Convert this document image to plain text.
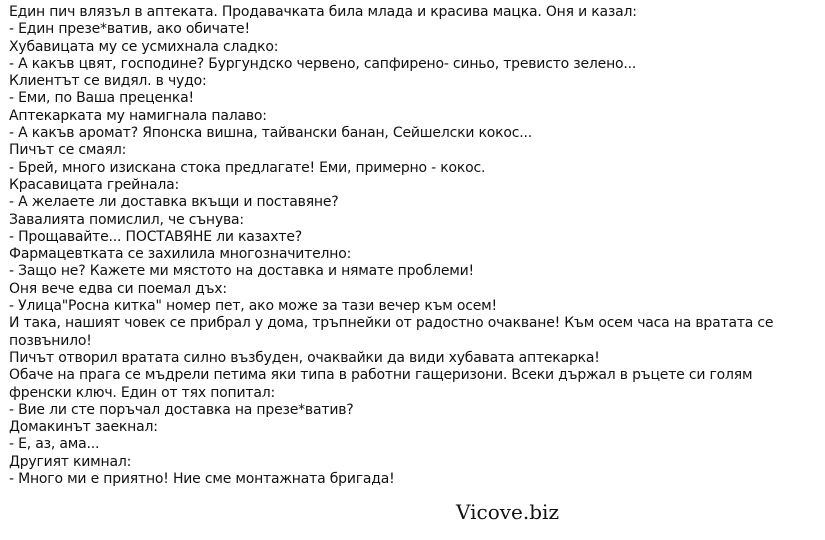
Един пич влязъл в аптеката. Продавачката била млада и красива мацка. Оня и казал:
- Един презе*ватив, ако обичате!
Хубавицата му се усмихнала сладко:
- А какъв цвят, господине? Бургундско червено, сапфирено- синьо, тревисто зелено...
Клиентът се видял. в чудо:
- Еми, по Ваша преценка!
Аптекарката му намигнала палаво:
- А какъв аромат? Японска вишна, тайвански банан, Сейшелски кокос...
Пичът се смаял:
- Брей, много изискана стока предлагате! Еми, примерно - кокос.
Красавицата грейнала:
- А желаете ли доставка вкъщи и поставяне?
Завалията помислил, че сънува:
- Прощавайте... ПОСТАВЯНЕ ли казахте?
Фармацевтката се захилила многозначително:
- Защо не? Кажете ми мястото на доставка и нямате проблеми!
Оня вече едва си поемал дъх:
- Улица"Росна китка" номер пет, ако може за тази вечер към осем!
И така, нашият човек се прибрал у дома, тръпнейки от радостно очакване! Към осем часа на вратата се позвънило!
Пичът отворил вратата силно възбуден, очаквайки да види хубавата аптекарка!
Обаче на прага се мъдрели петима яки типа в работни гащеризони. Всеки държал в ръцете си голям френски ключ. Един от тях попитал:
- Вие ли сте поръчал доставка на презе*ватив?
Домакинът заекнал:
- Е, аз, ама...
Другият кимнал:
- Много ми е приятно! Ние сме монтажната бригада!
Vicove.biz
